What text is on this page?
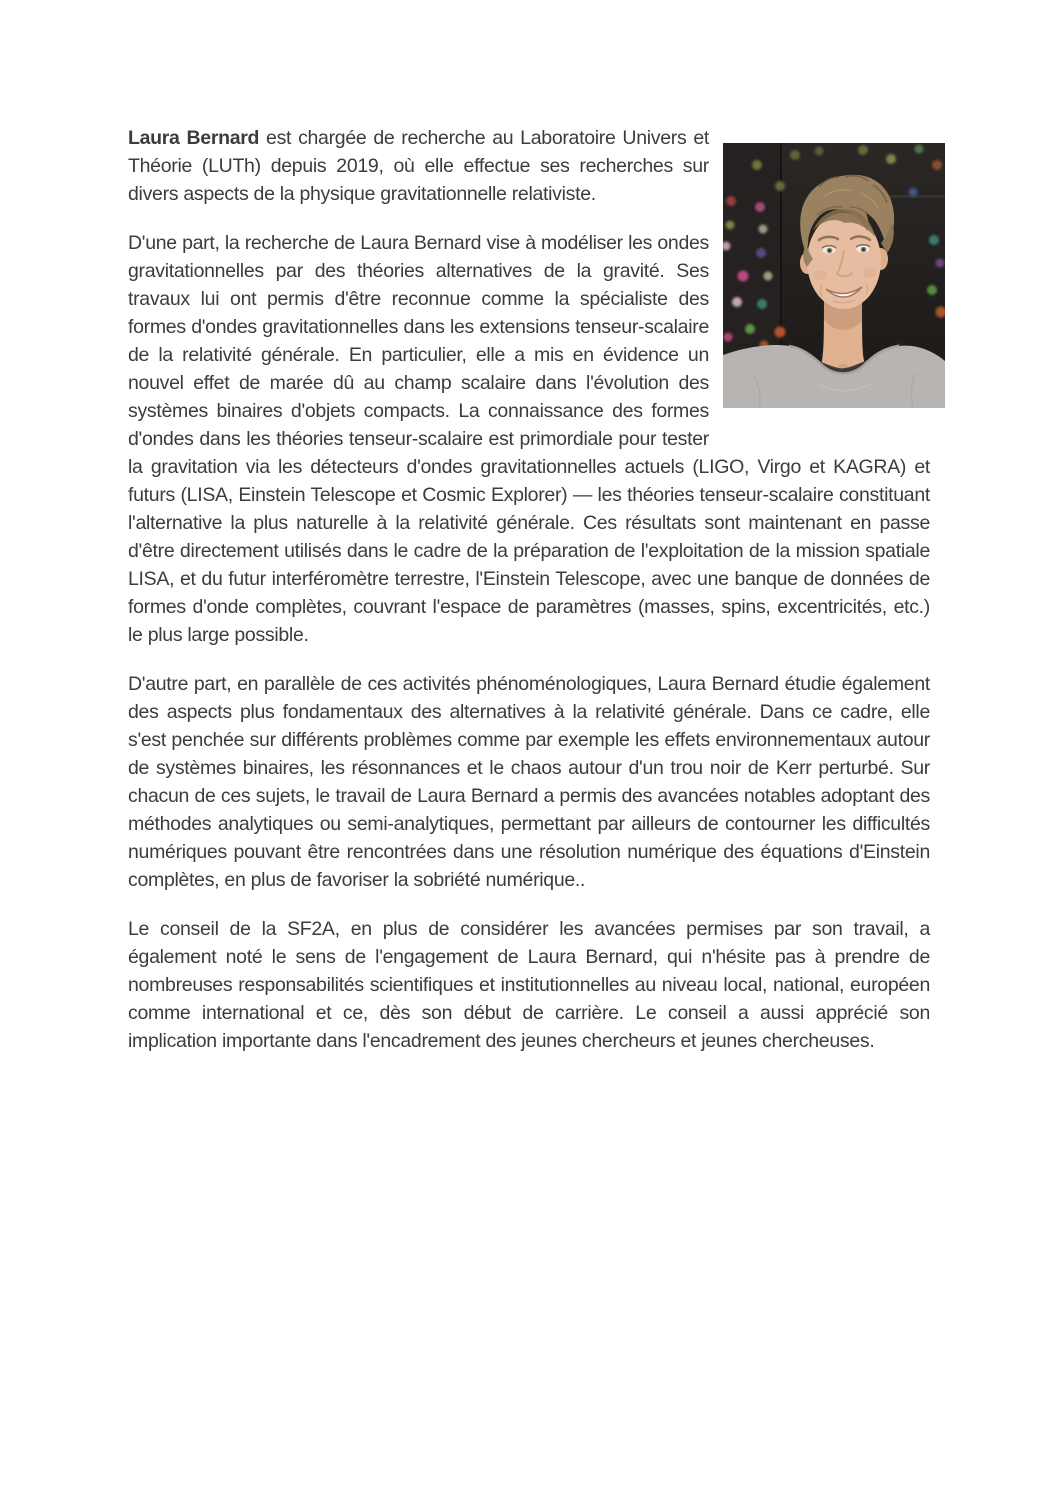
Laura Bernard est chargée de recherche au Laboratoire Univers et Théorie (LUTh) depuis 2019, où elle effectue ses recherches sur divers aspects de la physique gravitationnelle relativiste.

D'une part, la recherche de Laura Bernard vise à modéliser les ondes gravitationnelles par des théories alternatives de la gravité. Ses travaux lui ont permis d'être reconnue comme la spécialiste des formes d'ondes gravitationnelles dans les extensions tenseur-scalaire de la relativité générale. En particulier, elle a mis en évidence un nouvel effet de marée dû au champ scalaire dans l'évolution des systèmes binaires d'objets compacts. La connaissance des formes d'ondes dans les théories tenseur-scalaire est primordiale pour tester la gravitation via les détecteurs d'ondes gravitationnelles actuels (LIGO, Virgo et KAGRA) et futurs (LISA, Einstein Telescope et Cosmic Explorer) — les théories tenseur-scalaire constituant l'alternative la plus naturelle à la relativité générale. Ces résultats sont maintenant en passe d'être directement utilisés dans le cadre de la préparation de l'exploitation de la mission spatiale LISA, et du futur interféromètre terrestre, l'Einstein Telescope, avec une banque de données de formes d'onde complètes, couvrant l'espace de paramètres (masses, spins, excentricités, etc.) le plus large possible.

D'autre part, en parallèle de ces activités phénoménologiques, Laura Bernard étudie également des aspects plus fondamentaux des alternatives à la relativité générale. Dans ce cadre, elle s'est penchée sur différents problèmes comme par exemple les effets environnementaux autour de systèmes binaires, les résonnances et le chaos autour d'un trou noir de Kerr perturbé. Sur chacun de ces sujets, le travail de Laura Bernard a permis des avancées notables adoptant des méthodes analytiques ou semi-analytiques, permettant par ailleurs de contourner les difficultés numériques pouvant être rencontrées dans une résolution numérique des équations d'Einstein complètes, en plus de favoriser la sobriété numérique..

Le conseil de la SF2A, en plus de considérer les avancées permises par son travail, a également noté le sens de l'engagement de Laura Bernard, qui n'hésite pas à prendre de nombreuses responsabilités scientifiques et institutionnelles au niveau local, national, européen comme international et ce, dès son début de carrière. Le conseil a aussi apprécié son implication importante dans l'encadrement des jeunes chercheurs et jeunes chercheuses.
